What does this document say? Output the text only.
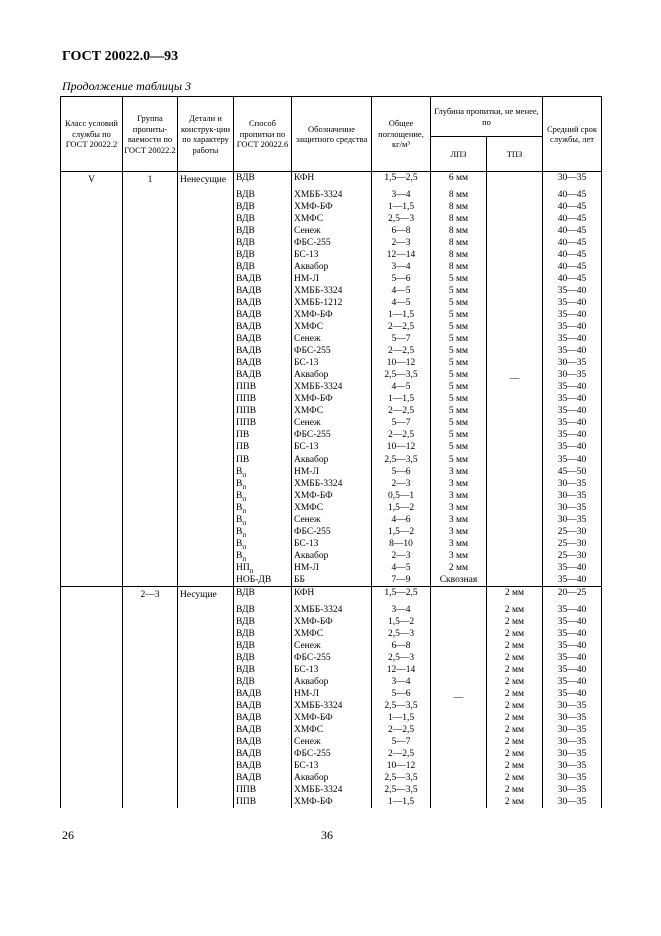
ГОСТ 20022.0—93
Продолжение таблицы 3
Класс условий службы по ГОСТ 20022.2	Группа пропиты-ваемости по ГОСТ 20022.2	Детали и конструк-ции по характеру работы	Способ пропитки по ГОСТ 20022.6	Обозначение защитного средства	Общее поглощение, кг/м³	Глубина пропитки, не менее, по		Средний срок службы, лет
						ЛПЗ	ТПЗ	
V	1	Ненесущие	ВДВ	КФН	1,5—2,5	6 мм	—	30—35
			ВДВ	ХМББ-3324	3—4	8 мм		40—45
			ВДВ	ХМФ-БФ	1—1,5	8 мм		40—45
			ВДВ	ХМФС	2,5—3	8 мм		40—45
			ВДВ	Сенеж	6—8	8 мм		40—45
			ВДВ	ФБС-255	2—3	8 мм		40—45
			ВДВ	БС-13	12—14	8 мм		40—45
			ВДВ	Аквабор	3—4	8 мм		40—45
			ВАДВ	НМ-Л	5—6	5 мм		40—45
			ВАДВ	ХМББ-3324	4—5	5 мм		35—40
			ВАДВ	ХМББ-1212	4—5	5 мм		35—40
			ВАДВ	ХМФ-БФ	1—1,5	5 мм		35—40
			ВАДВ	ХМФС	2—2,5	5 мм		35—40
			ВАДВ	Сенеж	5—7	5 мм		35—40
			ВАДВ	ФБС-255	2—2,5	5 мм		35—40
			ВАДВ	БС-13	10—12	5 мм		30—35
			ВАДВ	Аквабор	2,5—3,5	5 мм		30—35
			ППВ	ХМББ-3324	4—5	5 мм		35—40
			ППВ	ХМФ-БФ	1—1,5	5 мм		35—40
			ППВ	ХМФС	2—2,5	5 мм		35—40
			ППВ	Сенеж	5—7	5 мм		35—40
			ПВ	ФБС-255	2—2,5	5 мм		35—40
			ПВ	БС-13	10—12	5 мм		35—40
			ПВ	Аквабор	2,5—3,5	5 мм		35—40
			$В_п$	НМ-Л	5—6	3 мм		45—50
			$В_п$	ХМББ-3324	2—3	3 мм		30—35
			$В_п$	ХМФ-БФ	0,5—1	3 мм		30—35
			$В_п$	ХМФС	1,5—2	3 мм		30—35
			$В_п$	Сенеж	4—6	3 мм		30—35
			$В_п$	ФБС-255	1,5—2	3 мм		25—30
			$В_п$	БС-13	8—10	3 мм		25—30
			$В_п$	Аквабор	2—3	3 мм		25—30
			$НП_п$	НМ-Л	4—5	2 мм		35—40
			НОБ-ДВ	ББ	7—9	Сквозная		35—40
	2—3	Несущие	ВДВ	КФН	1,5—2,5	—	2 мм	20—25
			ВДВ	ХМББ-3324	3—4		2 мм	35—40
			ВДВ	ХМФ-БФ	1,5—2		2 мм	35—40
			ВДВ	ХМФС	2,5—3		2 мм	35—40
			ВДВ	Сенеж	6—8		2 мм	35—40
			ВДВ	ФБС-255	2,5—3		2 мм	35—40
			ВДВ	БС-13	12—14		2 мм	35—40
			ВДВ	Аквабор	3—4		2 мм	35—40
			ВАДВ	НМ-Л	5—6		2 мм	35—40
			ВАДВ	ХМББ-3324	2,5—3,5		2 мм	30—35
			ВАДВ	ХМФ-БФ	1—1,5		2 мм	30—35
			ВАДВ	ХМФС	2—2,5		2 мм	30—35
			ВАДВ	Сенеж	5—7		2 мм	30—35
			ВАДВ	ФБС-255	2—2,5		2 мм	30—35
			ВАДВ	БС-13	10—12		2 мм	30—35
			ВАДВ	Аквабор	2,5—3,5		2 мм	30—35
			ППВ	ХМББ-3324	2,5—3,5		2 мм	30—35
			ППВ	ХМФ-БФ	1—1,5		2 мм	30—35
26	36
